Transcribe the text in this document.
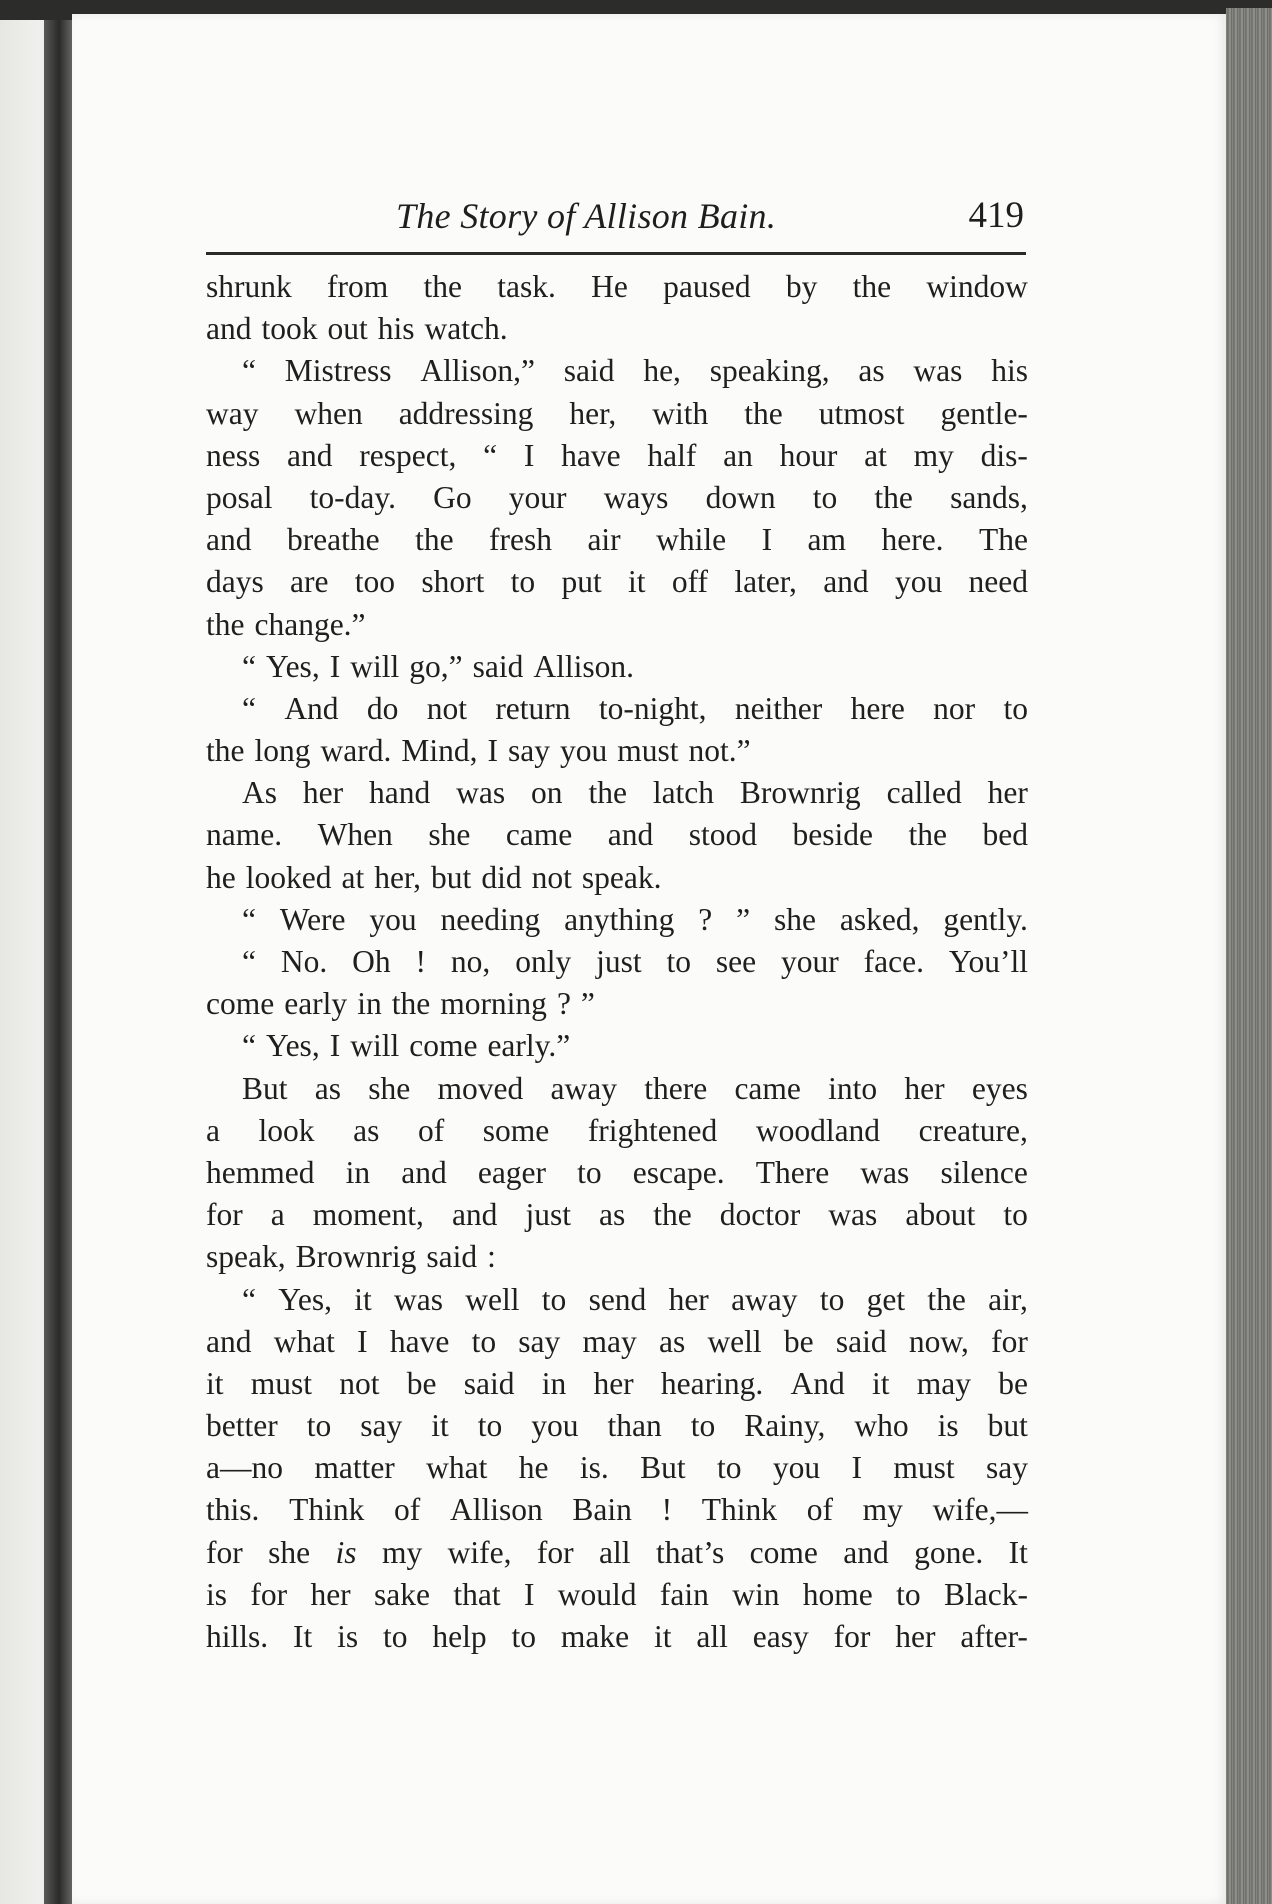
The Story of Allison Bain.	419
shrunk from the task. He paused by the window
and took out his watch.
“ Mistress Allison,” said he, speaking, as was his
way when addressing her, with the utmost gentle-
ness and respect, “ I have half an hour at my dis-
posal to-day. Go your ways down to the sands,
and breathe the fresh air while I am here. The
days are too short to put it off later, and you need
the change.”
“ Yes, I will go,” said Allison.
“ And do not return to-night, neither here nor to
the long ward. Mind, I say you must not.”
As her hand was on the latch Brownrig called her
name. When she came and stood beside the bed
he looked at her, but did not speak.
“ Were you needing anything ? ” she asked, gently.
“ No. Oh ! no, only just to see your face. You’ll
come early in the morning ? ”
“ Yes, I will come early.”
But as she moved away there came into her eyes
a look as of some frightened woodland creature,
hemmed in and eager to escape. There was silence
for a moment, and just as the doctor was about to
speak, Brownrig said :
“ Yes, it was well to send her away to get the air,
and what I have to say may as well be said now, for
it must not be said in her hearing. And it may be
better to say it to you than to Rainy, who is but
a—no matter what he is. But to you I must say
this. Think of Allison Bain ! Think of my wife,—
for she is my wife, for all that’s come and gone. It
is for her sake that I would fain win home to Black-
hills. It is to help to make it all easy for her after-
